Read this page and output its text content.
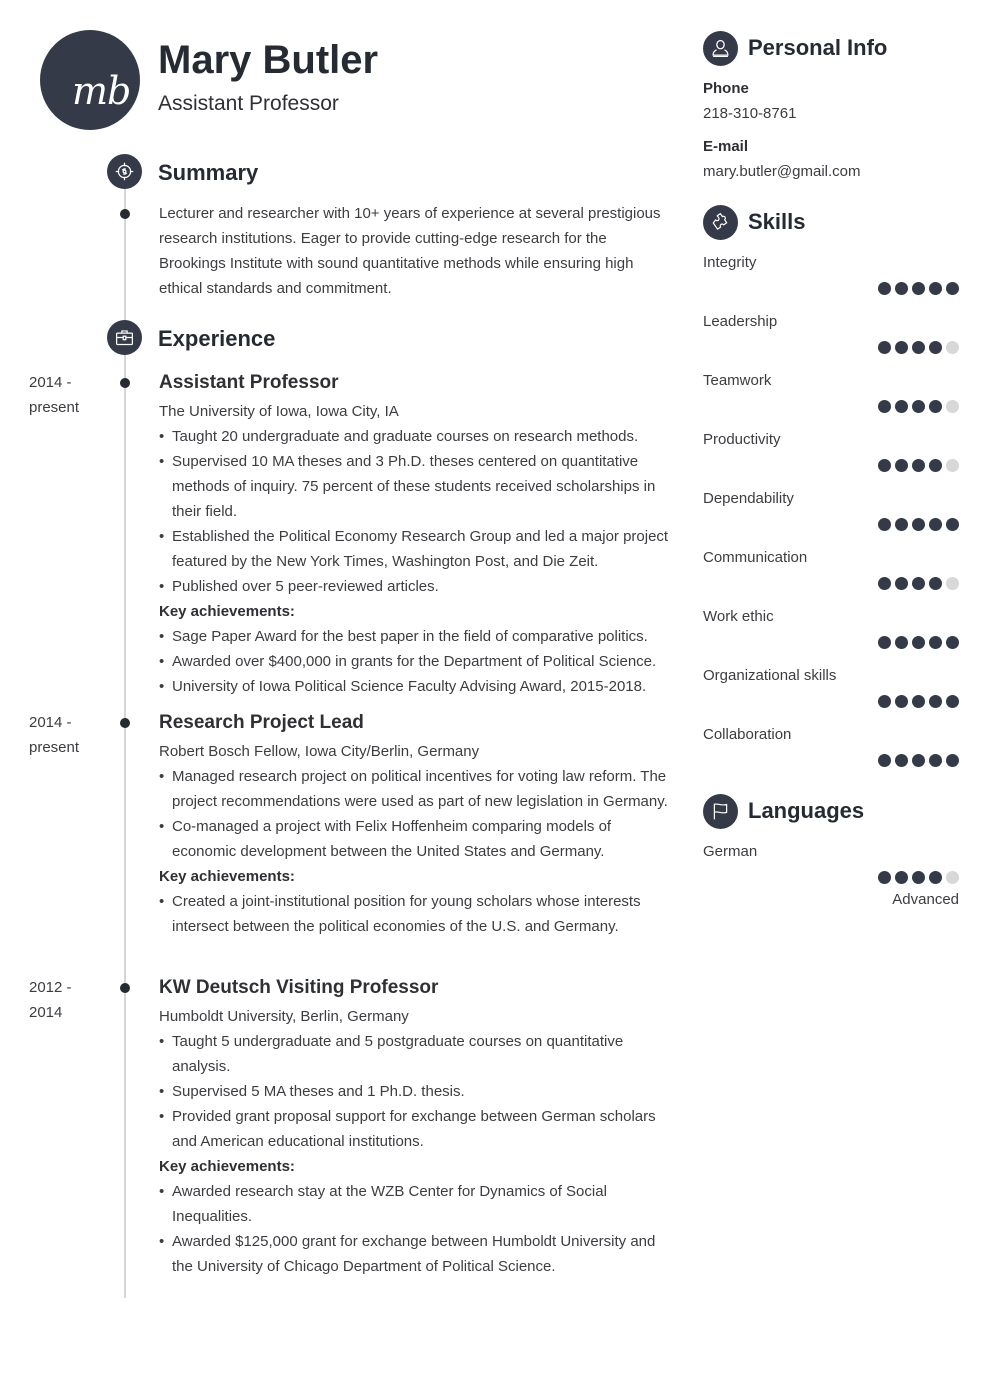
mb
Mary Butler
Assistant Professor
Summary

Lecturer and researcher with 10+ years of experience at several prestigious research institutions. Eager to provide cutting-edge research for the Brookings Institute with sound quantitative methods while ensuring high ethical standards and commitment.

Experience
2014 -
present
Assistant Professor
The University of Iowa, Iowa City, IA
• Taught 20 undergraduate and graduate courses on research methods.
• Supervised 10 MA theses and 3 Ph.D. theses centered on quantitative methods of inquiry. 75 percent of these students received scholarships in their field.
• Established the Political Economy Research Group and led a major project featured by the New York Times, Washington Post, and Die Zeit.
• Published over 5 peer-reviewed articles.
Key achievements:
• Sage Paper Award for the best paper in the field of comparative politics.
• Awarded over $400,000 in grants for the Department of Political Science.
• University of Iowa Political Science Faculty Advising Award, 2015-2018.
2014 -
present
Research Project Lead
Robert Bosch Fellow, Iowa City/Berlin, Germany
• Managed research project on political incentives for voting law reform. The project recommendations were used as part of new legislation in Germany.
• Co-managed a project with Felix Hoffenheim comparing models of economic development between the United States and Germany.
Key achievements:
• Created a joint-institutional position for young scholars whose interests intersect between the political economies of the U.S. and Germany.
2012 -
2014
KW Deutsch Visiting Professor
Humboldt University, Berlin, Germany
• Taught 5 undergraduate and 5 postgraduate courses on quantitative analysis.
• Supervised 5 MA theses and 1 Ph.D. thesis.
• Provided grant proposal support for exchange between German scholars and American educational institutions.
Key achievements:
• Awarded research stay at the WZB Center for Dynamics of Social Inequalities.
• Awarded $125,000 grant for exchange between Humboldt University and the University of Chicago Department of Political Science.
Personal Info
Phone
218-310-8761
E-mail
mary.butler@gmail.com
Skills
Integrity
Leadership
Teamwork
Productivity
Dependability
Communication
Work ethic
Organizational skills
Collaboration
Languages
German
Advanced
